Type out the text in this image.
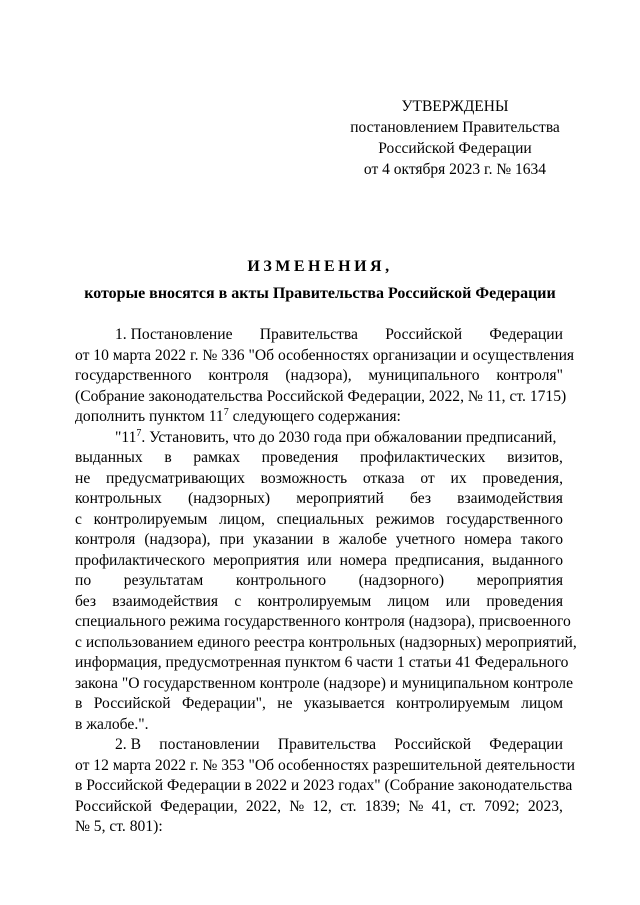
УТВЕРЖДЕНЫ
постановлением Правительства
Российской Федерации
от 4 октября 2023 г. № 1634
ИЗМЕНЕНИЯ,
которые вносятся в акты Правительства Российской Федерации
1. Постановление Правительства Российской Федерации
от 10 марта 2022 г. № 336 "Об особенностях организации и осуществления
государственного контроля (надзора), муниципального контроля"
(Собрание законодательства Российской Федерации, 2022, № 11, ст. 1715)
дополнить пунктом $11^7$ следующего содержания:
"$11^7$. Установить, что до 2030 года при обжаловании предписаний,
выданных в рамках проведения профилактических визитов,
не предусматривающих возможность отказа от их проведения,
контрольных (надзорных) мероприятий без взаимодействия
с контролируемым лицом, специальных режимов государственного
контроля (надзора), при указании в жалобе учетного номера такого
профилактического мероприятия или номера предписания, выданного
по результатам контрольного (надзорного) мероприятия
без взаимодействия с контролируемым лицом или проведения
специального режима государственного контроля (надзора), присвоенного
с использованием единого реестра контрольных (надзорных) мероприятий,
информация, предусмотренная пунктом 6 части 1 статьи 41 Федерального
закона "О государственном контроле (надзоре) и муниципальном контроле
в Российской Федерации", не указывается контролируемым лицом
в жалобе.".
2. В постановлении Правительства Российской Федерации
от 12 марта 2022 г. № 353 "Об особенностях разрешительной деятельности
в Российской Федерации в 2022 и 2023 годах" (Собрание законодательства
Российской Федерации, 2022, № 12, ст. 1839; № 41, ст. 7092; 2023,
№ 5, ст. 801):
